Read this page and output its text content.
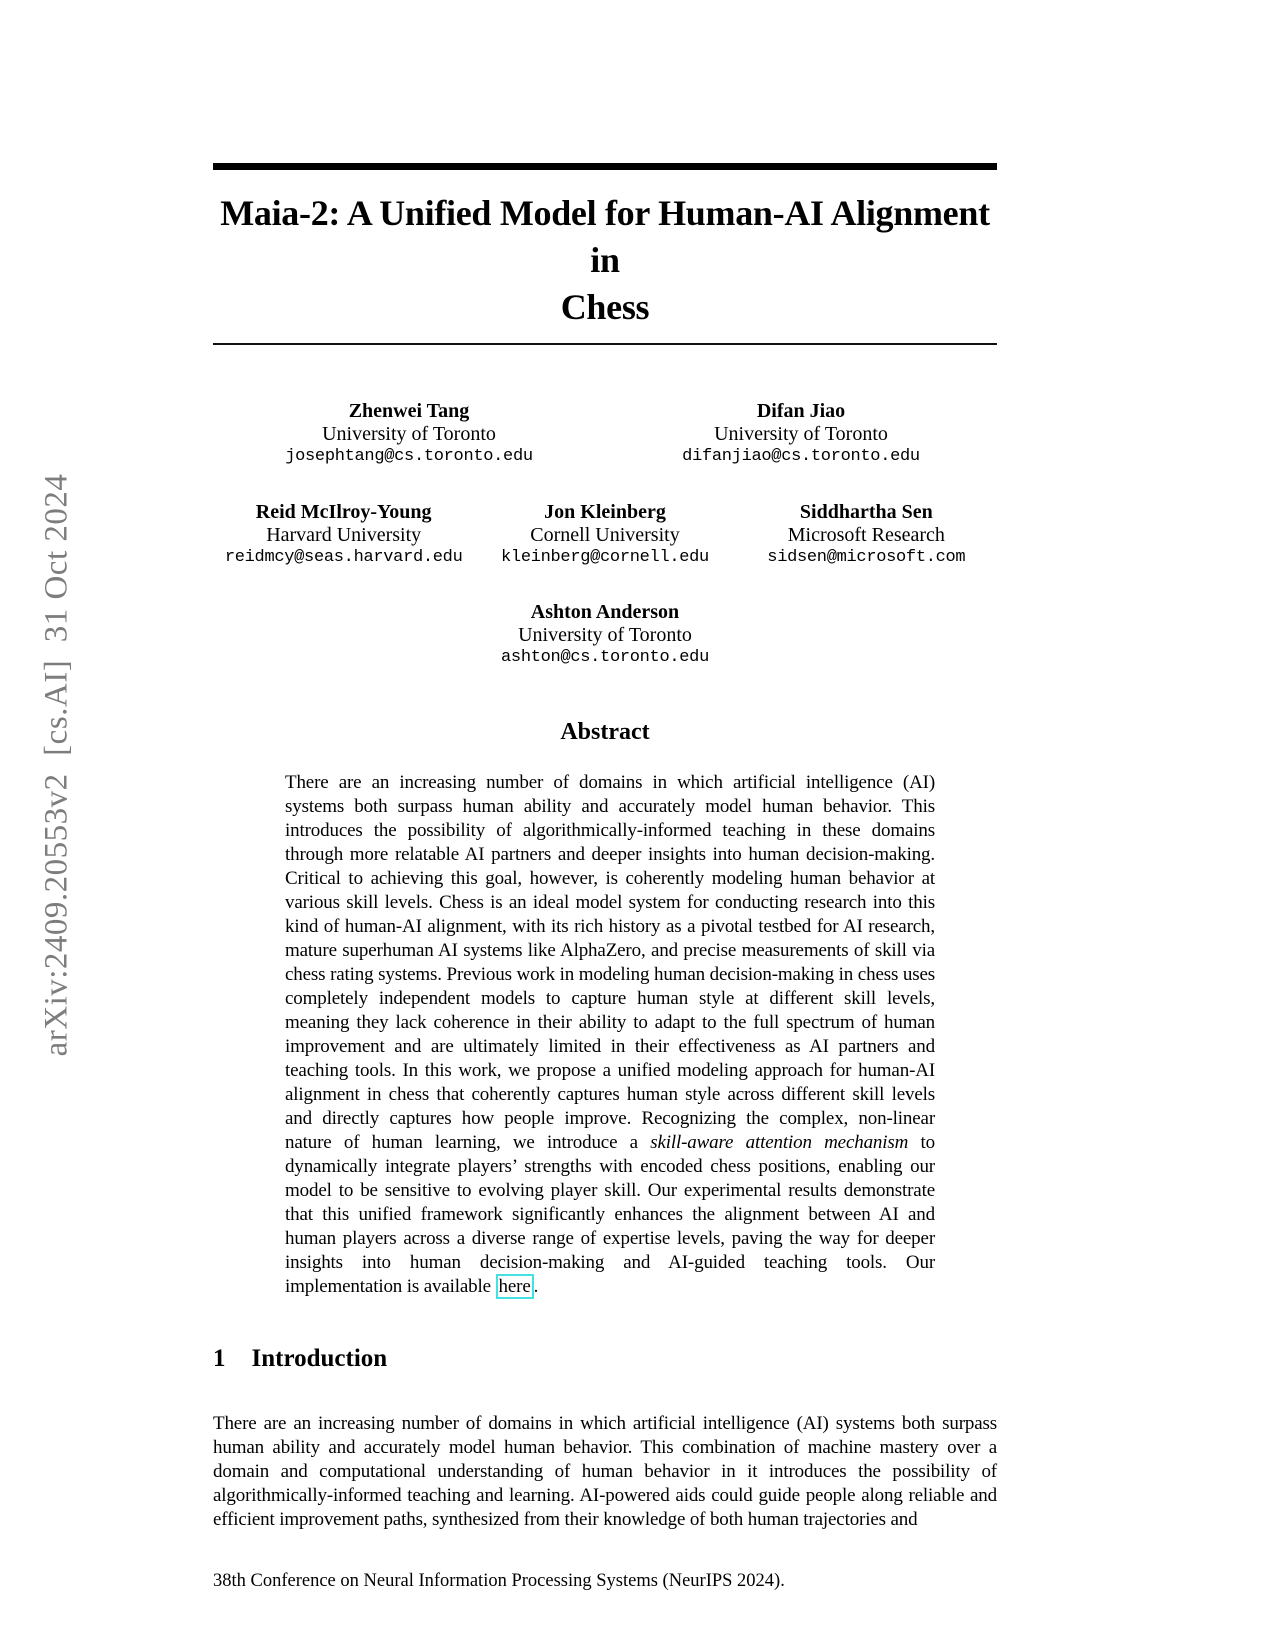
arXiv:2409.20553v2  [cs.AI]  31 Oct 2024
Maia-2: A Unified Model for Human-AI Alignment in
Chess
Zhenwei Tang
University of Toronto
josephtang@cs.toronto.edu
Difan Jiao
University of Toronto
difanjiao@cs.toronto.edu
Reid McIlroy-Young
Harvard University
reidmcy@seas.harvard.edu
Jon Kleinberg
Cornell University
kleinberg@cornell.edu
Siddhartha Sen
Microsoft Research
sidsen@microsoft.com
Ashton Anderson
University of Toronto
ashton@cs.toronto.edu
Abstract

There are an increasing number of domains in which artificial intelligence (AI) systems both surpass human ability and accurately model human behavior. This introduces the possibility of algorithmically-informed teaching in these domains through more relatable AI partners and deeper insights into human decision-making. Critical to achieving this goal, however, is coherently modeling human behavior at various skill levels. Chess is an ideal model system for conducting research into this kind of human-AI alignment, with its rich history as a pivotal testbed for AI research, mature superhuman AI systems like AlphaZero, and precise measurements of skill via chess rating systems. Previous work in modeling human decision-making in chess uses completely independent models to capture human style at different skill levels, meaning they lack coherence in their ability to adapt to the full spectrum of human improvement and are ultimately limited in their effectiveness as AI partners and teaching tools. In this work, we propose a unified modeling approach for human-AI alignment in chess that coherently captures human style across different skill levels and directly captures how people improve. Recognizing the complex, non-linear nature of human learning, we introduce a skill-aware attention mechanism to dynamically integrate players’ strengths with encoded chess positions, enabling our model to be sensitive to evolving player skill. Our experimental results demonstrate that this unified framework significantly enhances the alignment between AI and human players across a diverse range of expertise levels, paving the way for deeper insights into human decision-making and AI-guided teaching tools. Our implementation is available here .

1 Introduction

There are an increasing number of domains in which artificial intelligence (AI) systems both surpass human ability and accurately model human behavior. This combination of machine mastery over a domain and computational understanding of human behavior in it introduces the possibility of algorithmically-informed teaching and learning. AI-powered aids could guide people along reliable and efficient improvement paths, synthesized from their knowledge of both human trajectories and

38th Conference on Neural Information Processing Systems (NeurIPS 2024).
